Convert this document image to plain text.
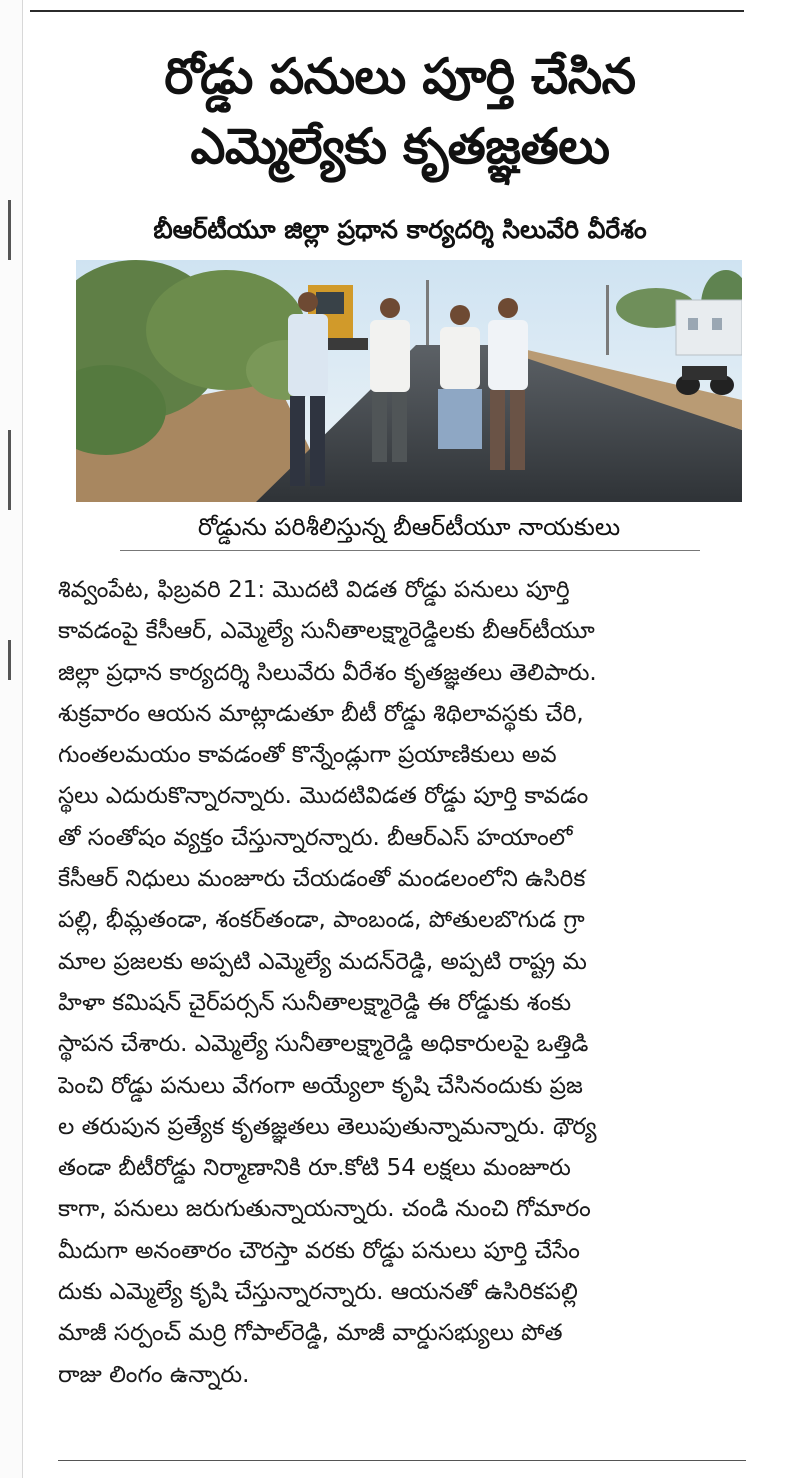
రోడ్డు పనులు పూర్తి చేసిన
ఎమ్మెల్యేకు కృతజ్ఞతలు
బీఆర్‌టీయూ జిల్లా ప్రధాన కార్యదర్శి సిలువేరి వీరేశం
రోడ్డును పరిశీలిస్తున్న బీఆర్‌టీయూ నాయకులు
శివ్వంపేట, ఫిబ్రవరి 21: మొదటి విడత రోడ్డు పనులు పూర్తి
కావడంపై కేసీఆర్, ఎమ్మెల్యే సునీతాలక్ష్మారెడ్డిలకు బీఆర్‌టీయూ
జిల్లా ప్రధాన కార్యదర్శి సిలువేరు వీరేశం కృతజ్ఞతలు తెలిపారు.
శుక్రవారం ఆయన మాట్లాడుతూ బీటీ రోడ్డు శిథిలావస్థకు చేరి,
గుంతలమయం కావడంతో కొన్నేండ్లుగా ప్రయాణికులు అవ
స్థలు ఎదురుకొన్నారన్నారు. మొదటివిడత రోడ్డు పూర్తి కావడం
తో సంతోషం వ్యక్తం చేస్తున్నారన్నారు. బీఆర్‌ఎస్ హయాంలో
కేసీఆర్ నిధులు మంజూరు చేయడంతో మండలంలోని ఉసిరిక
పల్లి, భీమ్లతండా, శంకర్‌తండా, పాంబండ, పోతులబొగుడ గ్రా
మాల ప్రజలకు అప్పటి ఎమ్మెల్యే మదన్‌రెడ్డి, అప్పటి రాష్ట్ర మ
హిళా కమిషన్ చైర్‌పర్సన్ సునీతాలక్ష్మారెడ్డి ఈ రోడ్డుకు శంకు
స్థాపన చేశారు. ఎమ్మెల్యే సునీతాలక్ష్మారెడ్డి అధికారులపై ఒత్తిడి
పెంచి రోడ్డు పనులు వేగంగా అయ్యేలా కృషి చేసినందుకు ప్రజ
ల తరుపున ప్రత్యేక కృతజ్ఞతలు తెలుపుతున్నామన్నారు. థౌర్య
తండా బీటీరోడ్డు నిర్మాణానికి రూ.కోటి 54 లక్షలు మంజూరు
కాగా, పనులు జరుగుతున్నాయన్నారు. చండి నుంచి గోమారం
మీదుగా అనంతారం చౌరస్తా వరకు రోడ్డు పనులు పూర్తి చేసేం
దుకు ఎమ్మెల్యే కృషి చేస్తున్నారన్నారు. ఆయనతో ఉసిరికపల్లి
మాజీ సర్పంచ్ మర్రి గోపాల్‌రెడ్డి, మాజీ వార్డుసభ్యులు పోత
రాజు లింగం ఉన్నారు.
